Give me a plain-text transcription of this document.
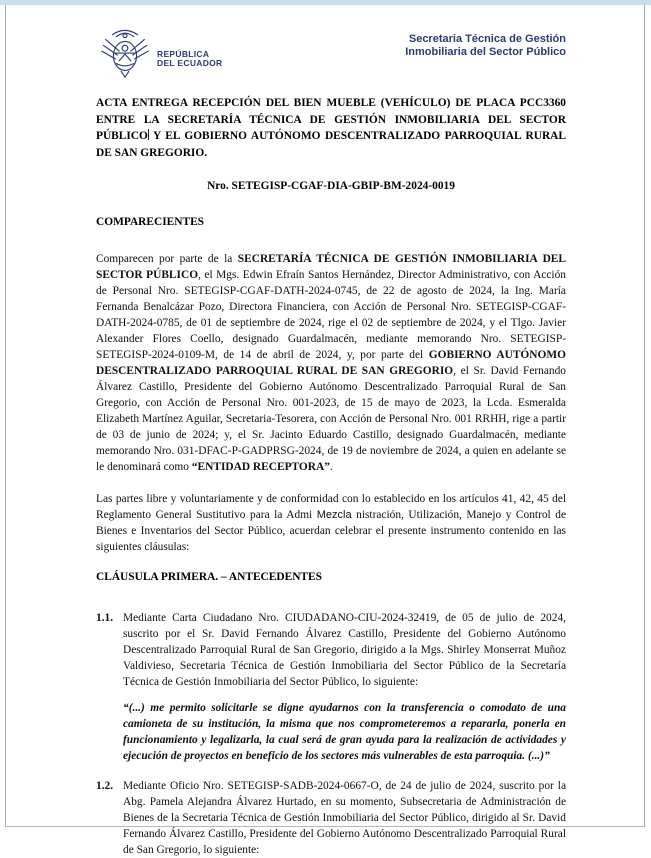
REPÚBLICA
DEL ECUADOR
Secretaria Técnica de Gestión
Inmobiliaria del Sector Público
ACTA ENTREGA RECEPCIÓN DEL BIEN MUEBLE (VEHÍCULO) DE PLACA PCC3360 ENTRE LA SECRETARÍA TÉCNICA DE GESTIÓN INMOBILIARIA DEL SECTOR PÚBLICO Y EL GOBIERNO AUTÓNOMO DESCENTRALIZADO PARROQUIAL RURAL DE SAN GREGORIO.
Nro. SETEGISP-CGAF-DIA-GBIP-BM-2024-0019
COMPARECIENTES
Comparecen por parte de la SECRETARÍA TÉCNICA DE GESTIÓN INMOBILIARIA DEL SECTOR PÚBLICO, el Mgs. Edwin Efraín Santos Hernández, Director Administrativo, con Acción de Personal Nro. SETEGISP-CGAF-DATH-2024-0745, de 22 de agosto de 2024, la Ing. María Fernanda Benalcázar Pozo, Directora Financiera, con Acción de Personal Nro. SETEGISP-CGAF-DATH-2024-0785, de 01 de septiembre de 2024, rige el 02 de septiembre de 2024, y el Tlgo. Javier Alexander Flores Coello, designado Guardalmacén, mediante memorando Nro. SETEGISP-SETEGISP-2024-0109-M, de 14 de abril de 2024, y, por parte del GOBIERNO AUTÓNOMO DESCENTRALIZADO PARROQUIAL RURAL DE SAN GREGORIO, el Sr. David Fernando Álvarez Castillo, Presidente del Gobierno Autónomo Descentralizado Parroquial Rural de San Gregorio, con Acción de Personal Nro. 001-2023, de 15 de mayo de 2023, la Lcda. Esmeralda Elizabeth Martínez Aguilar, Secretaria-Tesorera, con Acción de Personal Nro. 001 RRHH, rige a partir de 03 de junio de 2024; y, el Sr. Jacinto Eduardo Castillo, designado Guardalmacén, mediante memorando Nro. 031-DFAC-P-GADPRSG-2024, de 19 de noviembre de 2024, a quien en adelante se le denominará como “ENTIDAD RECEPTORA”.
Las partes libre y voluntariamente y de conformidad con lo establecido en los artículos 41, 42, 45 del Reglamento General Sustitutivo para la Admi Mezcla nistración, Utilización, Manejo y Control de Bienes e Inventarios del Sector Público, acuerdan celebrar el presente instrumento contenido en las siguientes cláusulas:
CLÁUSULA PRIMERA. – ANTECEDENTES
1.1. Mediante Carta Ciudadano Nro. CIUDADANO-CIU-2024-32419, de 05 de julio de 2024, suscrito por el Sr. David Fernando Álvarez Castillo, Presidente del Gobierno Autónomo Descentralizado Parroquial Rural de San Gregorio, dirigido a la Mgs. Shirley Monserrat Muñoz Valdivieso, Secretaria Técnica de Gestión Inmobiliaria del Sector Público de la Secretaría Técnica de Gestión Inmobiliaria del Sector Público, lo siguiente:
“(...) me permito solicitarle se digne ayudarnos con la transferencia o comodato de una camioneta de su institución, la misma que nos comprometeremos a repararla, ponerla en funcionamiento y legalizarla, la cual será de gran ayuda para la realización de actividades y ejecución de proyectos en beneficio de los sectores más vulnerables de esta parroquia. (...)”
1.2. Mediante Oficio Nro. SETEGISP-SADB-2024-0667-O, de 24 de julio de 2024, suscrito por la Abg. Pamela Alejandra Álvarez Hurtado, en su momento, Subsecretaria de Administración de Bienes de la Secretaria Técnica de Gestión Inmobiliaria del Sector Público, dirigido al Sr. David Fernando Álvarez Castillo, Presidente del Gobierno Autónomo Descentralizado Parroquial Rural de San Gregorio, lo siguiente:
